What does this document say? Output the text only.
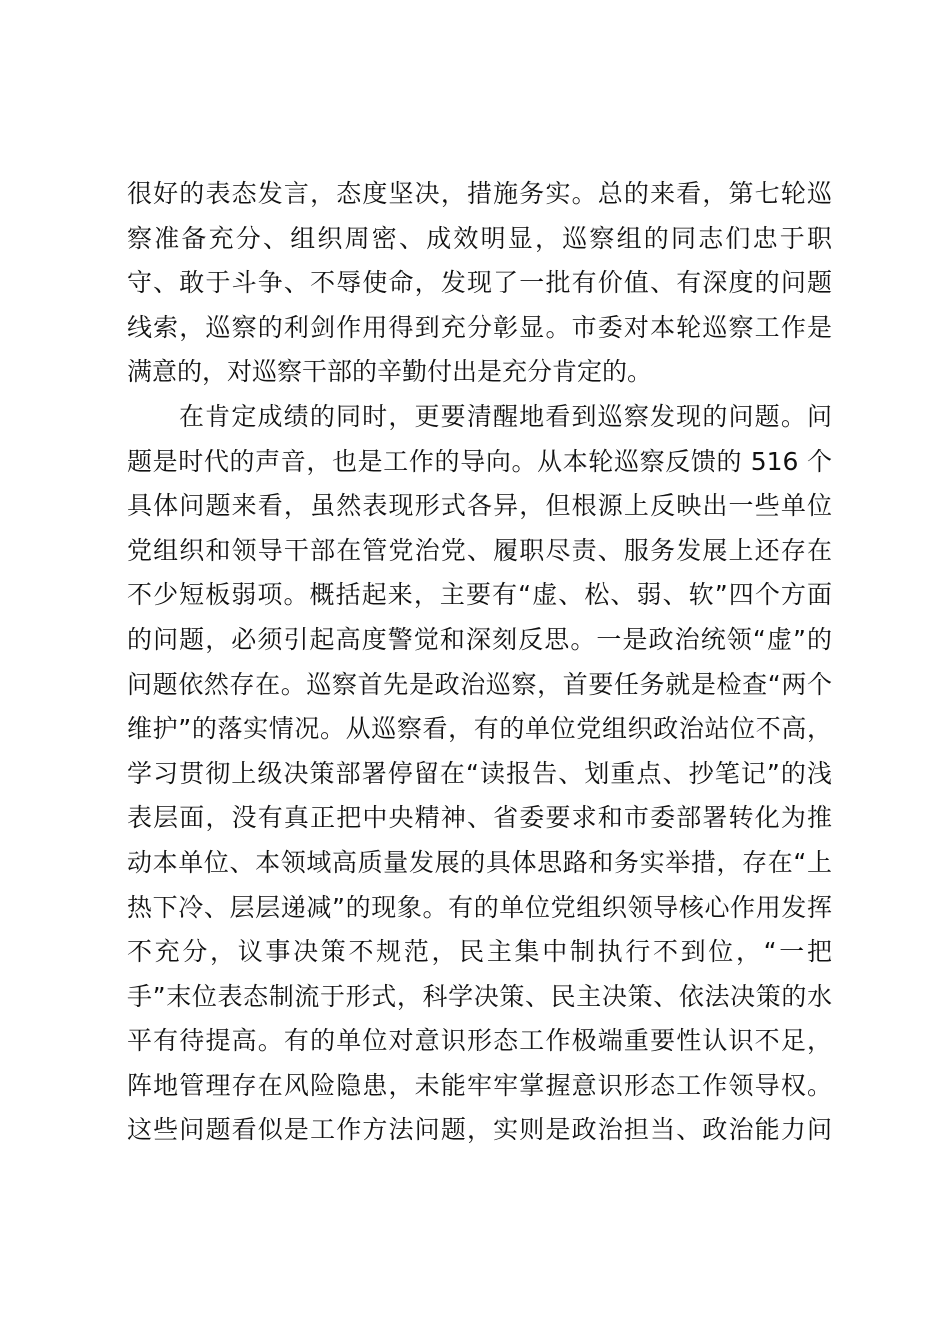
很好的表态发言，态度坚决，措施务实。总的来看，第七轮巡
察准备充分、组织周密、成效明显，巡察组的同志们忠于职
守、敢于斗争、不辱使命，发现了一批有价值、有深度的问题
线索，巡察的利剑作用得到充分彰显。市委对本轮巡察工作是
满意的，对巡察干部的辛勤付出是充分肯定的。
在肯定成绩的同时，更要清醒地看到巡察发现的问题。问
题是时代的声音，也是工作的导向。从本轮巡察反馈的 516 个
具体问题来看，虽然表现形式各异，但根源上反映出一些单位
党组织和领导干部在管党治党、履职尽责、服务发展上还存在
不少短板弱项。概括起来，主要有“虚、松、弱、软”四个方面
的问题，必须引起高度警觉和深刻反思。一是政治统领“虚”的
问题依然存在。巡察首先是政治巡察，首要任务就是检查“两个
维护”的落实情况。从巡察看，有的单位党组织政治站位不高，
学习贯彻上级决策部署停留在“读报告、划重点、抄笔记”的浅
表层面，没有真正把中央精神、省委要求和市委部署转化为推
动本单位、本领域高质量发展的具体思路和务实举措，存在“上
热下冷、层层递减”的现象。有的单位党组织领导核心作用发挥
不充分，议事决策不规范，民主集中制执行不到位，“一把
手”末位表态制流于形式，科学决策、民主决策、依法决策的水
平有待提高。有的单位对意识形态工作极端重要性认识不足，
阵地管理存在风险隐患，未能牢牢掌握意识形态工作领导权。
这些问题看似是工作方法问题，实则是政治担当、政治能力问
